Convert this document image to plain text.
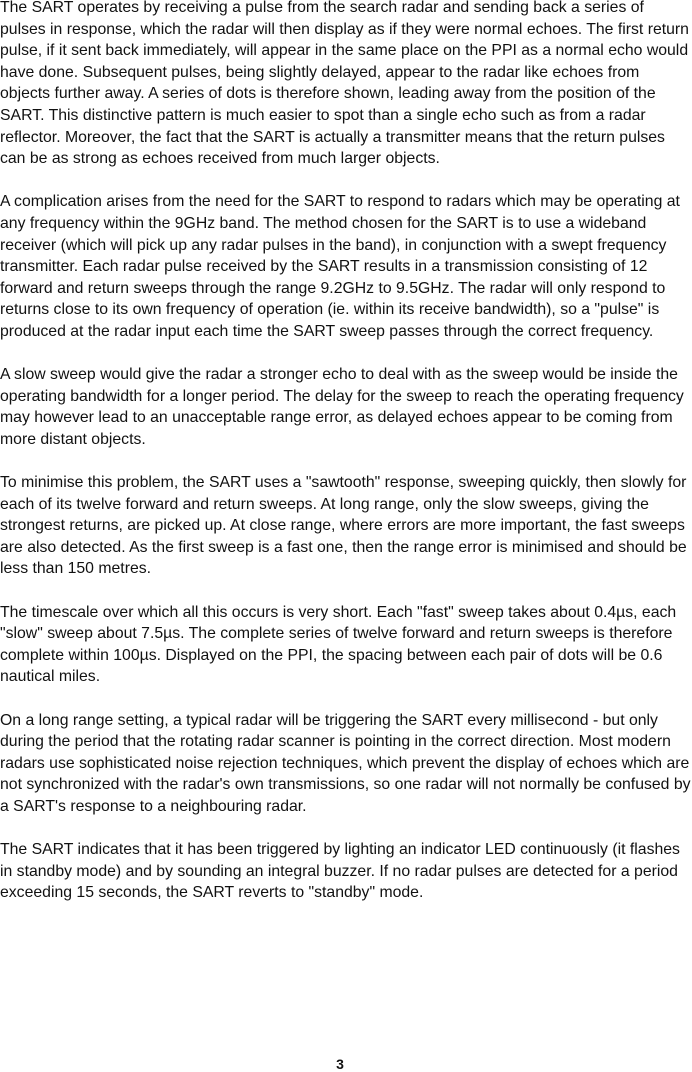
The SART operates by receiving a pulse from the search radar and sending back a series of pulses in response, which the radar will then display as if they were normal echoes. The first return pulse, if it sent back immediately, will appear in the same place on the PPI as a normal echo would have done. Subsequent pulses, being slightly delayed, appear to the radar like echoes from objects further away. A series of dots is therefore shown, leading away from the position of the SART. This distinctive pattern is much easier to spot than a single echo such as from a radar reflector. Moreover, the fact that the SART is actually a transmitter means that the return pulses can be as strong as echoes received from much larger objects.

A complication arises from the need for the SART to respond to radars which may be operating at any frequency within the 9GHz band. The method chosen for the SART is to use a wideband receiver (which will pick up any radar pulses in the band), in conjunction with a swept frequency transmitter. Each radar pulse received by the SART results in a transmission consisting of 12 forward and return sweeps through the range 9.2GHz to 9.5GHz. The radar will only respond to returns close to its own frequency of operation (ie. within its receive bandwidth), so a "pulse" is produced at the radar input each time the SART sweep passes through the correct frequency.

A slow sweep would give the radar a stronger echo to deal with as the sweep would be inside the operating bandwidth for a longer period. The delay for the sweep to reach the operating frequency may however lead to an unacceptable range error, as delayed echoes appear to be coming from more distant objects.

To minimise this problem, the SART uses a "sawtooth" response, sweeping quickly, then slowly for each of its twelve forward and return sweeps. At long range, only the slow sweeps, giving the strongest returns, are picked up. At close range, where errors are more important, the fast sweeps are also detected. As the first sweep is a fast one, then the range error is minimised and should be less than 150 metres.

The timescale over which all this occurs is very short. Each "fast" sweep takes about 0.4µs, each "slow" sweep about 7.5µs. The complete series of twelve forward and return sweeps is therefore complete within 100µs. Displayed on the PPI, the spacing between each pair of dots will be 0.6 nautical miles.

On a long range setting, a typical radar will be triggering the SART every millisecond - but only during the period that the rotating radar scanner is pointing in the correct direction. Most modern radars use sophisticated noise rejection techniques, which prevent the display of echoes which are not synchronized with the radar's own transmissions, so one radar will not normally be confused by a SART's response to a neighbouring radar.

The SART indicates that it has been triggered by lighting an indicator LED continuously (it flashes in standby mode) and by sounding an integral buzzer. If no radar pulses are detected for a period exceeding 15 seconds, the SART reverts to "standby" mode.

3
